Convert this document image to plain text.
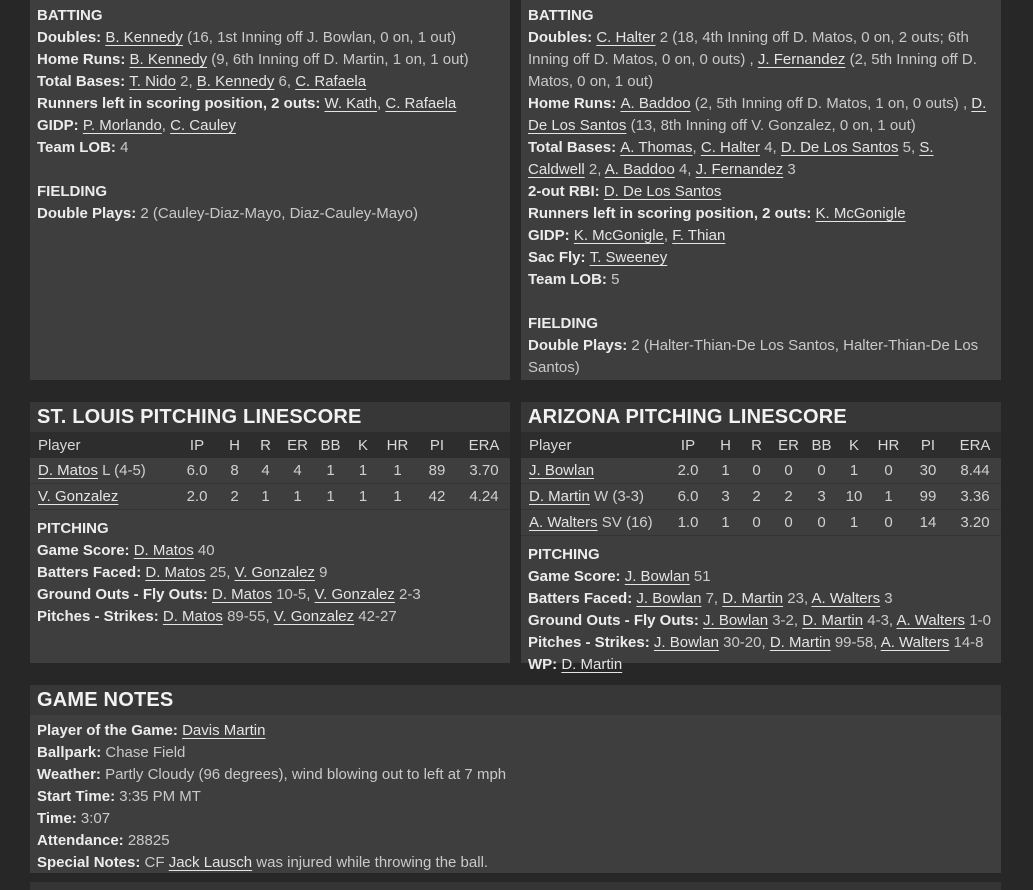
BATTING
Doubles: B. Kennedy (16, 1st Inning off J. Bowlan, 0 on, 1 out)
Home Runs: B. Kennedy (9, 6th Inning off D. Martin, 1 on, 1 out)
Total Bases: T. Nido 2, B. Kennedy 6, C. Rafaela
Runners left in scoring position, 2 outs: W. Kath, C. Rafaela
GIDP: P. Morlando, C. Cauley
Team LOB: 4
FIELDING
Double Plays: 2 (Cauley-Diaz-Mayo, Diaz-Cauley-Mayo)
BATTING
Doubles: C. Halter 2 (18, 4th Inning off D. Matos, 0 on, 2 outs; 6th Inning off D. Matos, 0 on, 0 outs) , J. Fernandez (2, 5th Inning off D. Matos, 0 on, 1 out)
Home Runs: A. Baddoo (2, 5th Inning off D. Matos, 1 on, 0 outs) , D. De Los Santos (13, 8th Inning off V. Gonzalez, 0 on, 1 out)
Total Bases: A. Thomas, C. Halter 4, D. De Los Santos 5, S. Caldwell 2, A. Baddoo 4, J. Fernandez 3
2-out RBI: D. De Los Santos
Runners left in scoring position, 2 outs: K. McGonigle
GIDP: K. McGonigle, F. Thian
Sac Fly: T. Sweeney
Team LOB: 5
FIELDING
Double Plays: 2 (Halter-Thian-De Los Santos, Halter-Thian-De Los Santos)
ST. LOUIS PITCHING LINESCORE
Player	IP	H	R	ER	BB	K	HR	PI	ERA
D. Matos L (4-5)	6.0	8	4	4	1	1	1	89	3.70
V. Gonzalez	2.0	2	1	1	1	1	1	42	4.24
PITCHING
Game Score: D. Matos 40
Batters Faced: D. Matos 25, V. Gonzalez 9
Ground Outs - Fly Outs: D. Matos 10-5, V. Gonzalez 2-3
Pitches - Strikes: D. Matos 89-55, V. Gonzalez 42-27
ARIZONA PITCHING LINESCORE
Player	IP	H	R	ER	BB	K	HR	PI	ERA
J. Bowlan	2.0	1	0	0	0	1	0	30	8.44
D. Martin W (3-3)	6.0	3	2	2	3	10	1	99	3.36
A. Walters SV (16)	1.0	1	0	0	0	1	0	14	3.20
PITCHING
Game Score: J. Bowlan 51
Batters Faced: J. Bowlan 7, D. Martin 23, A. Walters 3
Ground Outs - Fly Outs: J. Bowlan 3-2, D. Martin 4-3, A. Walters 1-0
Pitches - Strikes: J. Bowlan 30-20, D. Martin 99-58, A. Walters 14-8
WP: D. Martin
GAME NOTES
Player of the Game: Davis Martin
Ballpark: Chase Field
Weather: Partly Cloudy (96 degrees), wind blowing out to left at 7 mph
Start Time: 3:35 PM MT
Time: 3:07
Attendance: 28825
Special Notes: CF Jack Lausch was injured while throwing the ball.
